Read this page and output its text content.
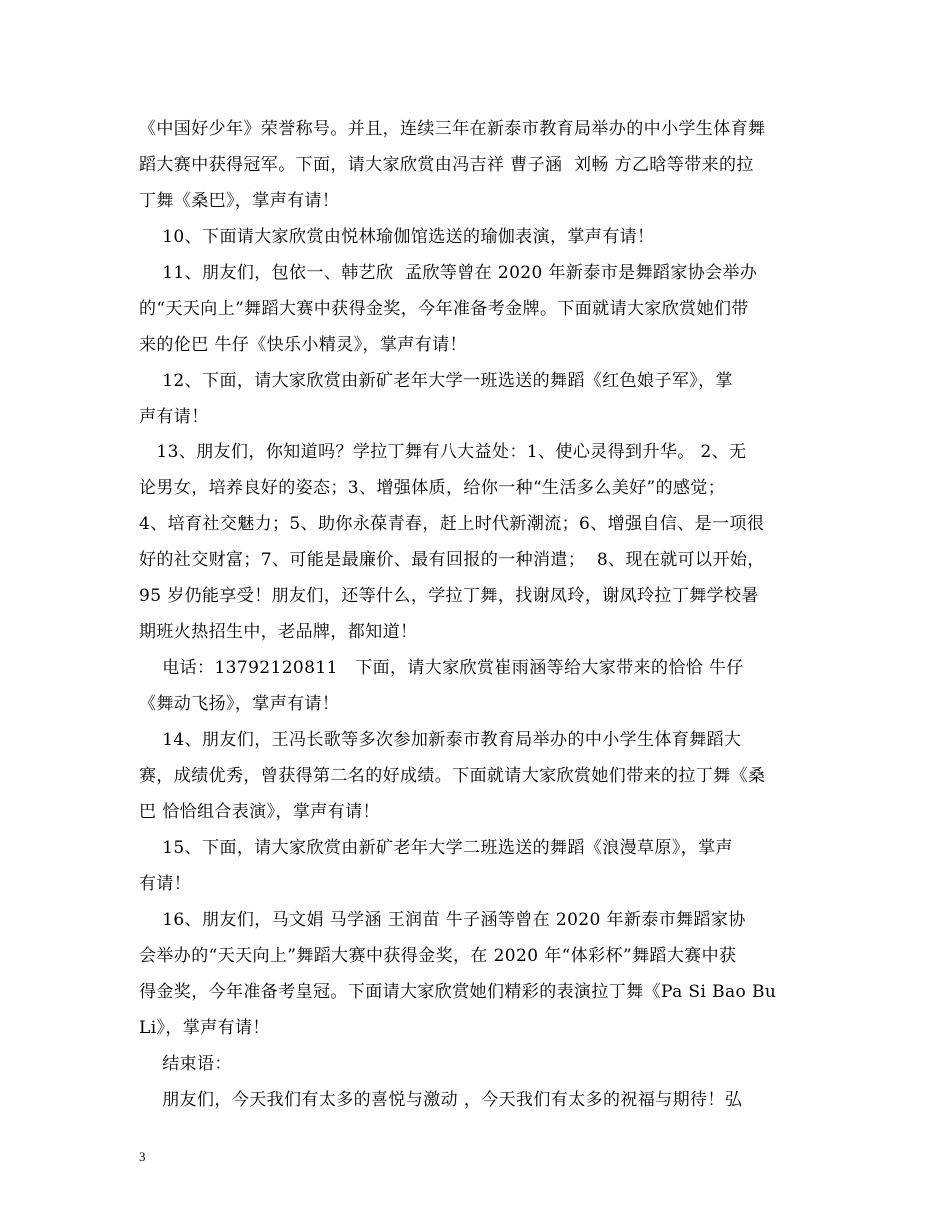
《中国好少年》荣誉称号。并且，连续三年在新泰市教育局举办的中小学生体育舞
蹈大赛中获得冠军。下面，请大家欣赏由冯吉祥 曹子涵  刘畅 方乙晗等带来的拉
丁舞《桑巴》，掌声有请！
10、下面请大家欣赏由悦林瑜伽馆选送的瑜伽表演，掌声有请！
11、朋友们，包依一、韩艺欣  孟欣等曾在 2020 年新泰市是舞蹈家协会举办
的“天天向上”舞蹈大赛中获得金奖，今年准备考金牌。下面就请大家欣赏她们带
来的伦巴 牛仔《快乐小精灵》，掌声有请！
12、下面，请大家欣赏由新矿老年大学一班选送的舞蹈《红色娘子军》，掌
声有请！
13、朋友们，你知道吗？学拉丁舞有八大益处：1、使心灵得到升华。 2、无
论男女，培养良好的姿态；3、增强体质，给你一种“生活多么美好”的感觉；
4、培育社交魅力；5、助你永葆青春，赶上时代新潮流；6、增强自信、是一项很
好的社交财富；7、可能是最廉价、最有回报的一种消遣；  8、现在就可以开始，
95 岁仍能享受！朋友们，还等什么，学拉丁舞，找谢凤玲，谢凤玲拉丁舞学校暑
期班火热招生中，老品牌，都知道！
电话：13792120811   下面，请大家欣赏崔雨涵等给大家带来的恰恰 牛仔
《舞动飞扬》，掌声有请！
14、朋友们，王冯长歌等多次参加新泰市教育局举办的中小学生体育舞蹈大
赛，成绩优秀，曾获得第二名的好成绩。下面就请大家欣赏她们带来的拉丁舞《桑
巴 恰恰组合表演》，掌声有请！
15、下面，请大家欣赏由新矿老年大学二班选送的舞蹈《浪漫草原》，掌声
有请！
16、朋友们，马文娟 马学涵 王润苗 牛子涵等曾在 2020 年新泰市舞蹈家协
会举办的“天天向上”舞蹈大赛中获得金奖，在 2020 年“体彩杯”舞蹈大赛中获
得金奖，今年准备考皇冠。下面请大家欣赏她们精彩的表演拉丁舞《Pa Si Bao Bu
Li》，掌声有请！
结束语：
朋友们，今天我们有太多的喜悦与激动 ，今天我们有太多的祝福与期待！弘
3
